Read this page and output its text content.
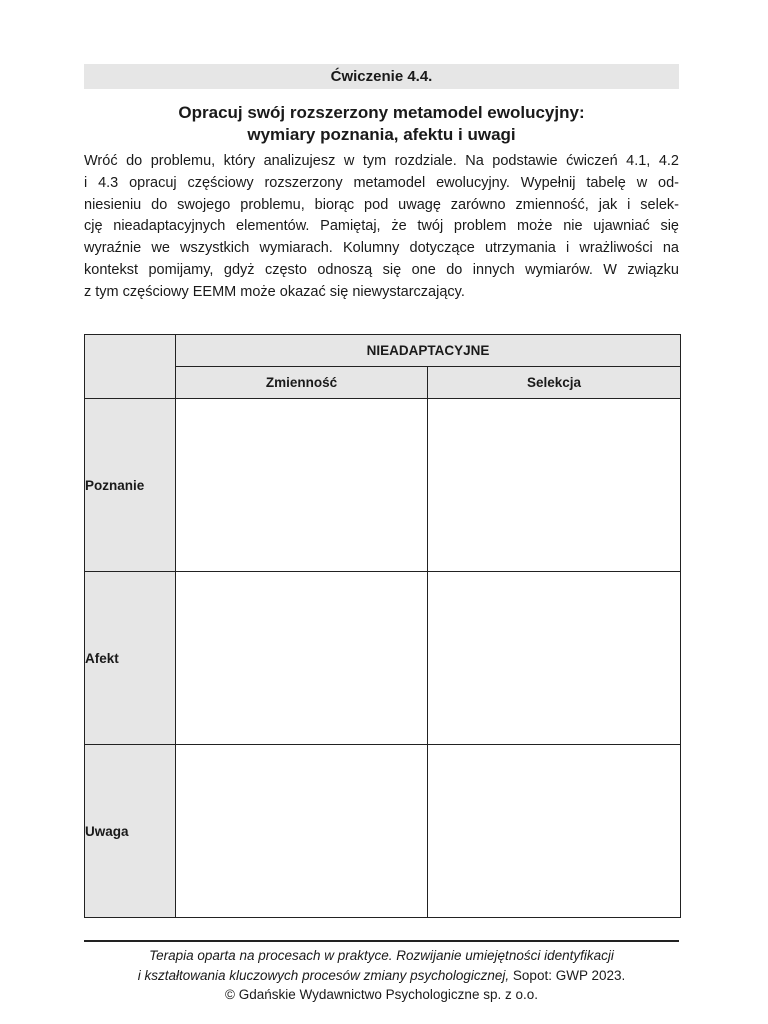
Ćwiczenie 4.4.
Opracuj swój rozszerzony metamodel ewolucyjny:
wymiary poznania, afektu i uwagi
Wróć do problemu, który analizujesz w tym rozdziale. Na podstawie ćwiczeń 4.1, 4.2
i 4.3 opracuj częściowy rozszerzony metamodel ewolucyjny. Wypełnij tabelę w od-
niesieniu do swojego problemu, biorąc pod uwagę zarówno zmienność, jak i selek-
cję nieadaptacyjnych elementów. Pamiętaj, że twój problem może nie ujawniać się
wyraźnie we wszystkich wymiarach. Kolumny dotyczące utrzymania i wrażliwości na
kontekst pomijamy, gdyż często odnoszą się one do innych wymiarów. W związku
z tym częściowy EEMM może okazać się niewystarczający.
	NIEADAPTACYJNE	
	Zmienność	Selekcja
Poznanie		
Afekt		
Uwaga		
Terapia oparta na procesach w praktyce. Rozwijanie umiejętności identyfikacji
i kształtowania kluczowych procesów zmiany psychologicznej, Sopot: GWP 2023.
© Gdańskie Wydawnictwo Psychologiczne sp. z o.o.
